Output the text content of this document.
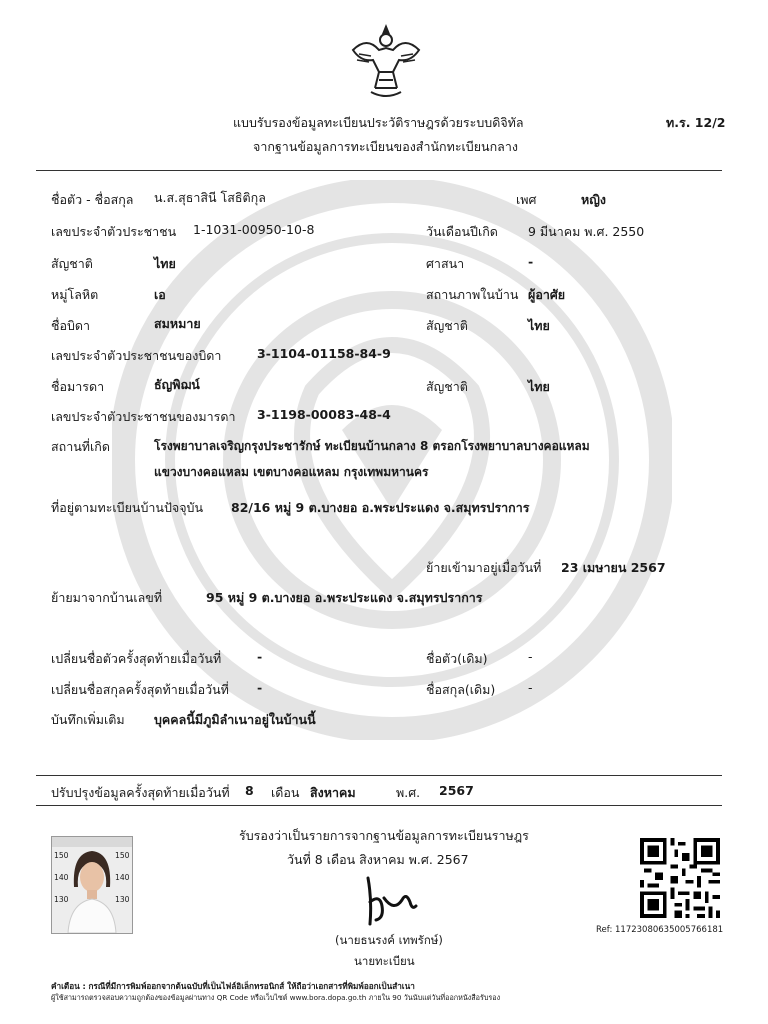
แบบรับรองข้อมูลทะเบียนประวัติราษฎรด้วยระบบดิจิทัล
จากฐานข้อมูลการทะเบียนของสำนักทะเบียนกลาง
ท.ร. 12/2
ชื่อตัว - ชื่อสกุล น.ส.สุธาสินี โสธิติกุล	เพศ	หญิง
เลขประจำตัวประชาชน 1-1031-00950-10-8	วันเดือนปีเกิด 9 มีนาคม พ.ศ. 2550
สัญชาติ	ไทย	ศาสนา	-
หมู่โลหิต	เอ	สถานภาพในบ้าน ผู้อาศัย
ชื่อบิดา	สมหมาย	สัญชาติ	ไทย
เลขประจำตัวประชาชนของบิดา	3-1104-01158-84-9
ชื่อมารดา	ธัญพิฌน์	สัญชาติ	ไทย
เลขประจำตัวประชาชนของมารดา 3-1198-00083-48-4
สถานที่เกิด	โรงพยาบาลเจริญกรุงประชารักษ์ ทะเบียนบ้านกลาง 8 ตรอกโรงพยาบาลบางคอแหลม
แขวงบางคอแหลม เขตบางคอแหลม กรุงเทพมหานคร
ที่อยู่ตามทะเบียนบ้านปัจจุบัน 82/16 หมู่ 9 ต.บางยอ อ.พระประแดง จ.สมุทรปราการ
ย้ายเข้ามาอยู่เมื่อวันที่ 23 เมษายน 2567
ย้ายมาจากบ้านเลขที่	95 หมู่ 9 ต.บางยอ อ.พระประแดง จ.สมุทรปราการ
เปลี่ยนชื่อตัวครั้งสุดท้ายเมื่อวันที่	-	ชื่อตัว(เดิม)	-
เปลี่ยนชื่อสกุลครั้งสุดท้ายเมื่อวันที่ -	ชื่อสกุล(เดิม)	-
บันทึกเพิ่มเติม บุคคลนี้มีภูมิลำเนาอยู่ในบ้านนี้
ปรับปรุงข้อมูลครั้งสุดท้ายเมื่อวันที่ 8 เดือน สิงหาคม	พ.ศ. 2567
รับรองว่าเป็นรายการจากฐานข้อมูลการทะเบียนราษฎร
วันที่ 8 เดือน สิงหาคม พ.ศ. 2567
150	150
140	140
130	130
(นายธนรงค์ เทพรักษ์)
นายทะเบียน
Ref: 11723080635005766181
คำเตือน : กรณีที่มีการพิมพ์ออกจากต้นฉบับที่เป็นไฟล์อิเล็กทรอนิกส์ ให้ถือว่าเอกสารที่พิมพ์ออกเป็นสำเนา
ผู้ใช้สามารถตรวจสอบความถูกต้องของข้อมูลผ่านทาง QR Code หรือเว็บไซต์ www.bora.dopa.go.th ภายใน 90 วันนับแต่วันที่ออกหนังสือรับรอง
